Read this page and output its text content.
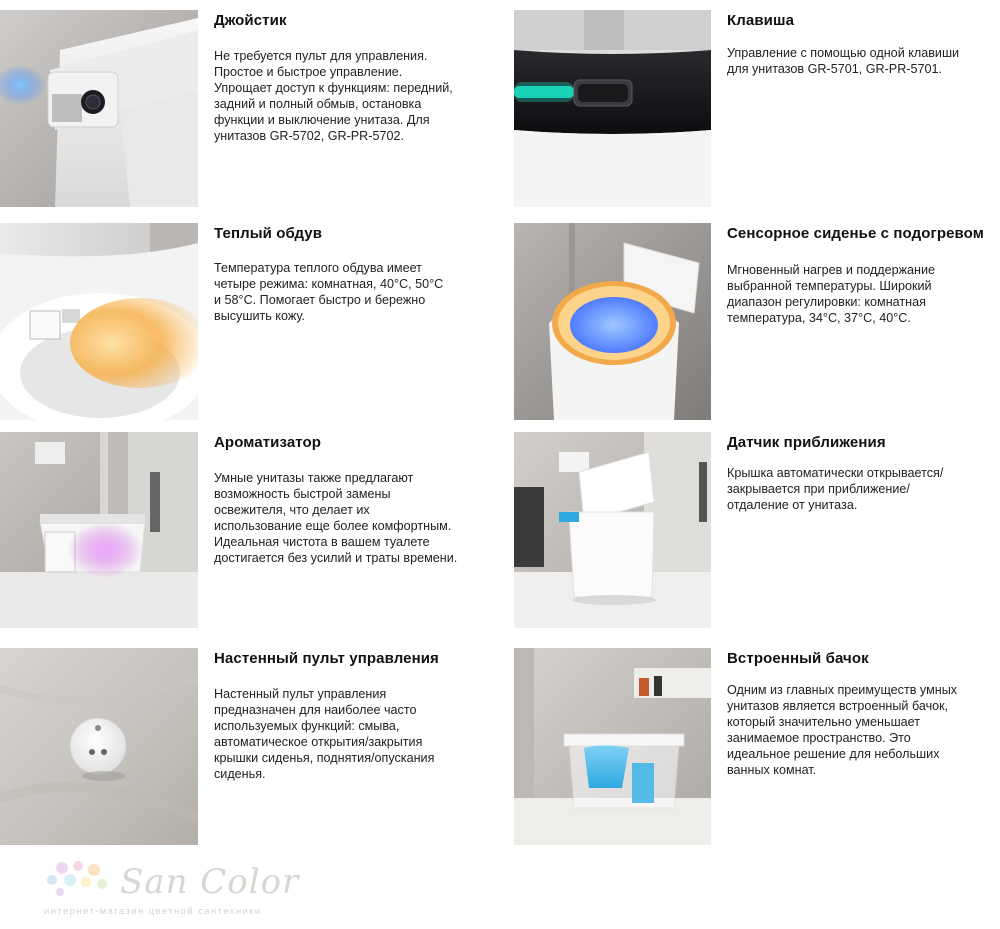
Джойстик
Не требуется пульт для управления.
Простое и быстрое управление.
Упрощает доступ к функциям: передний,
задний и полный обмыв, остановка
функции и выключение унитаза. Для
унитазов GR-5702, GR-PR-5702.
Клавиша
Управление с помощью одной клавиши
для унитазов GR-5701, GR-PR-5701.
Теплый обдув
Температура теплого обдува имеет
четыре режима: комнатная, 40°С, 50°С
и 58°С. Помогает быстро и бережно
высушить кожу.
Сенсорное сиденье с подогревом
Мгновенный нагрев и поддержание
выбранной температуры. Широкий
диапазон регулировки: комнатная
температура, 34°С, 37°С, 40°С.
Ароматизатор
Умные унитазы также предлагают
возможность быстрой замены
освежителя, что делает их
использование еще более комфортным.
Идеальная чистота в вашем туалете
достигается без усилий и траты времени.
Датчик приближения
Крышка автоматически открывается/
закрывается при приближение/
отдаление от унитаза.
Настенный пульт управления
Настенный пульт управления
предназначен для наиболее часто
используемых функций: смыва,
автоматическое открытия/закрытия
крышки сиденья, поднятия/опускания
сиденья.
Встроенный бачок
Одним из главных преимуществ умных
унитазов является встроенный бачок,
который значительно уменьшает
занимаемое пространство. Это
идеальное решение для небольших
ванных комнат.
San Color
интернет-магазин цветной сантехники
